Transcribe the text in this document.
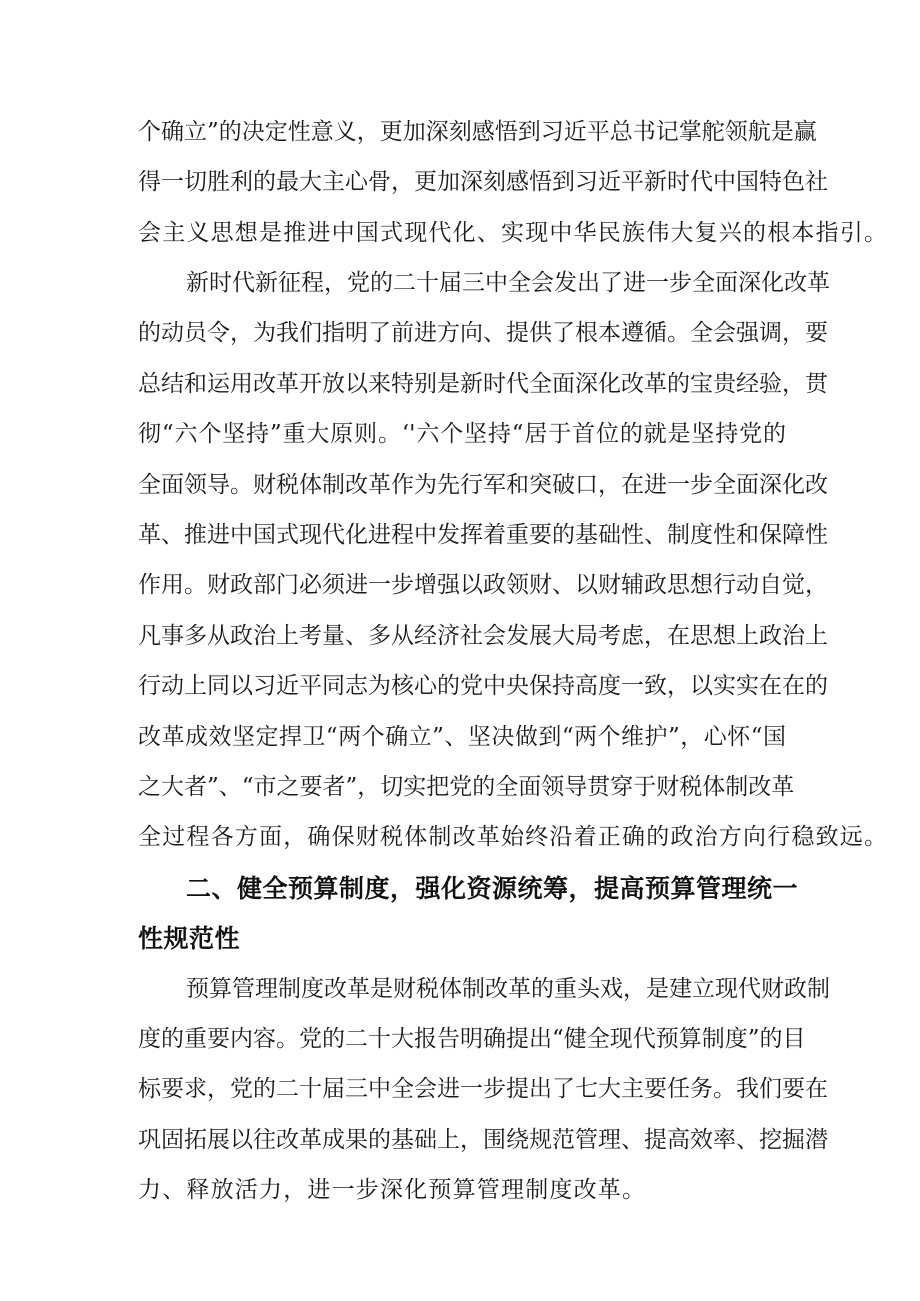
个确立”的决定性意义，更加深刻感悟到习近平总书记掌舵领航是赢
得一切胜利的最大主心骨，更加深刻感悟到习近平新时代中国特色社
会主义思想是推进中国式现代化、实现中华民族伟大复兴的根本指引。
新时代新征程，党的二十届三中全会发出了进一步全面深化改革
的动员令，为我们指明了前进方向、提供了根本遵循。全会强调，要
总结和运用改革开放以来特别是新时代全面深化改革的宝贵经验，贯
彻“六个坚持”重大原则。‘'六个坚持“居于首位的就是坚持党的
全面领导。财税体制改革作为先行军和突破口，在进一步全面深化改
革、推进中国式现代化进程中发挥着重要的基础性、制度性和保障性
作用。财政部门必须进一步增强以政领财、以财辅政思想行动自觉，
凡事多从政治上考量、多从经济社会发展大局考虑，在思想上政治上
行动上同以习近平同志为核心的党中央保持高度一致，以实实在在的
改革成效坚定捍卫“两个确立”、坚决做到“两个维护”，心怀“国
之大者”、“市之要者”，切实把党的全面领导贯穿于财税体制改革
全过程各方面，确保财税体制改革始终沿着正确的政治方向行稳致远。
二、健全预算制度，强化资源统筹，提高预算管理统一
性规范性
预算管理制度改革是财税体制改革的重头戏，是建立现代财政制
度的重要内容。党的二十大报告明确提出“健全现代预算制度”的目
标要求，党的二十届三中全会进一步提出了七大主要任务。我们要在
巩固拓展以往改革成果的基础上，围绕规范管理、提高效率、挖掘潜
力、释放活力，进一步深化预算管理制度改革。
